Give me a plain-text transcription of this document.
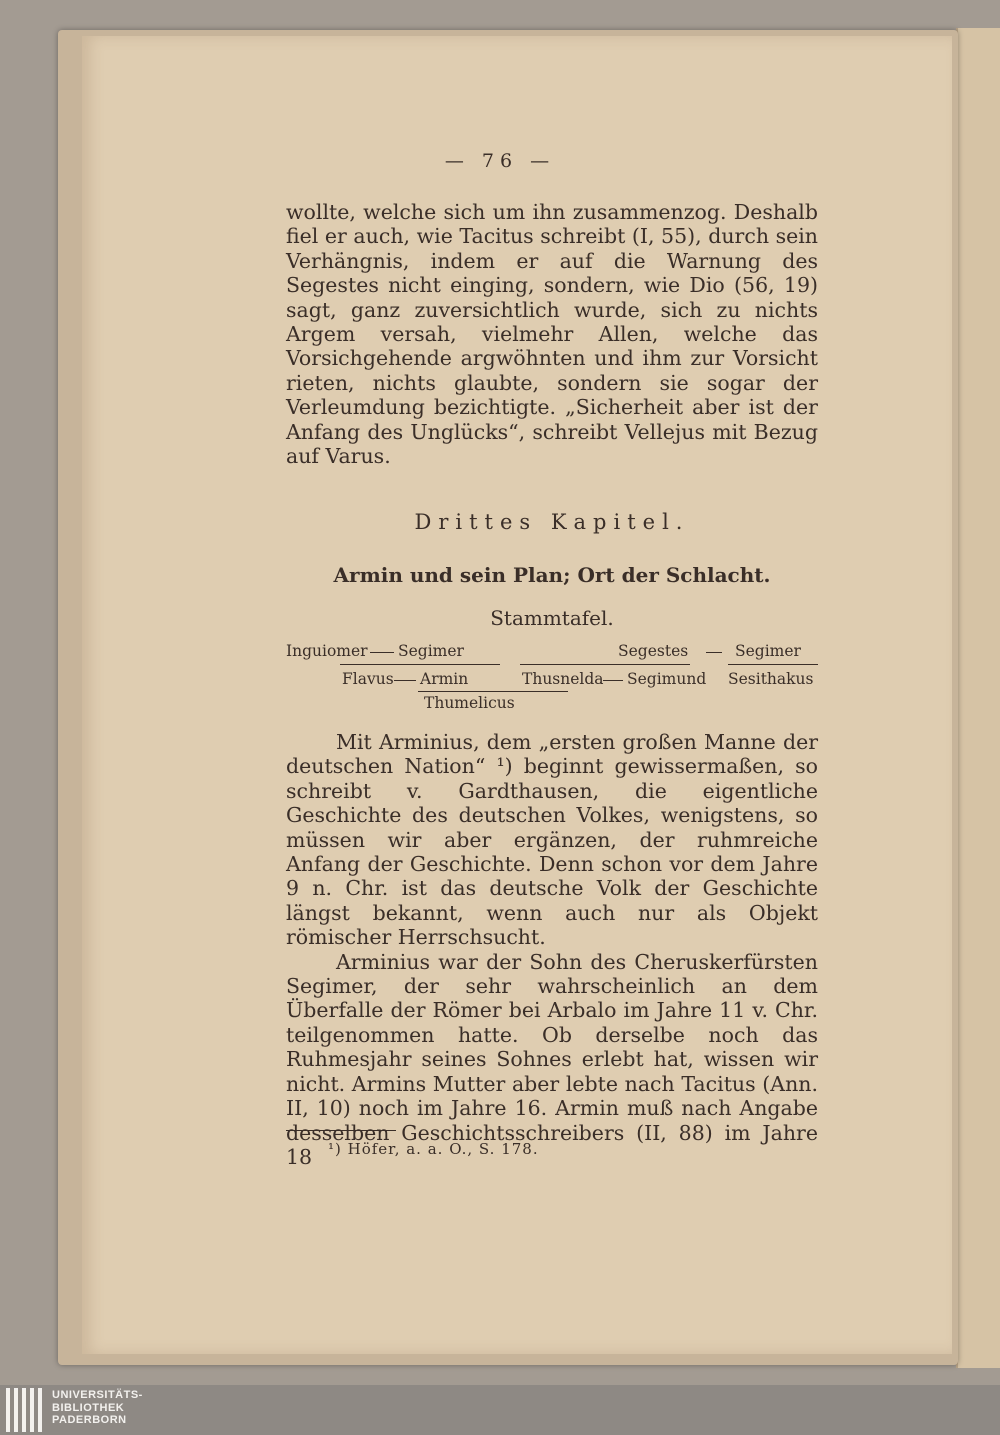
— 76 —

wollte, welche sich um ihn zusammenzog. Deshalb fiel er auch, wie Tacitus schreibt (I, 55), durch sein Verhängnis, indem er auf die Warnung des Segestes nicht einging, sondern, wie Dio (56, 19) sagt, ganz zuversichtlich wurde, sich zu nichts Argem versah, vielmehr Allen, welche das Vorsichgehende argwöhnten und ihm zur Vorsicht rieten, nichts glaubte, sondern sie sogar der Verleumdung bezichtigte. „Sicherheit aber ist der Anfang des Unglücks“, schreibt Vellejus mit Bezug auf Varus.

Drittes Kapitel.
Armin und sein Plan; Ort der Schlacht.
Stammtafel.
Inguiomer Segimer	Segestes	Segimer
Flavus Armin	Thusnelda Segimund Sesithakus
Thumelicus

Mit Arminius, dem „ersten großen Manne der deutschen Nation“ ¹) beginnt gewissermaßen, so schreibt v. Gardthausen, die eigentliche Geschichte des deutschen Volkes, wenigstens, so müssen wir aber ergänzen, der ruhmreiche Anfang der Geschichte. Denn schon vor dem Jahre 9 n. Chr. ist das deutsche Volk der Geschichte längst bekannt, wenn auch nur als Objekt römischer Herrschsucht.

Arminius war der Sohn des Cheruskerfürsten Segimer, der sehr wahrscheinlich an dem Überfalle der Römer bei Arbalo im Jahre 11 v. Chr. teilgenommen hatte. Ob derselbe noch das Ruhmesjahr seines Sohnes erlebt hat, wissen wir nicht. Armins Mutter aber lebte nach Tacitus (Ann. II, 10) noch im Jahre 16. Armin muß nach Angabe desselben Geschichtsschreibers (II, 88) im Jahre 18	¹) Höfer, a. a. O., S. 178.
UNIVERSITÄTS-
BIBLIOTHEK
PADERBORN
